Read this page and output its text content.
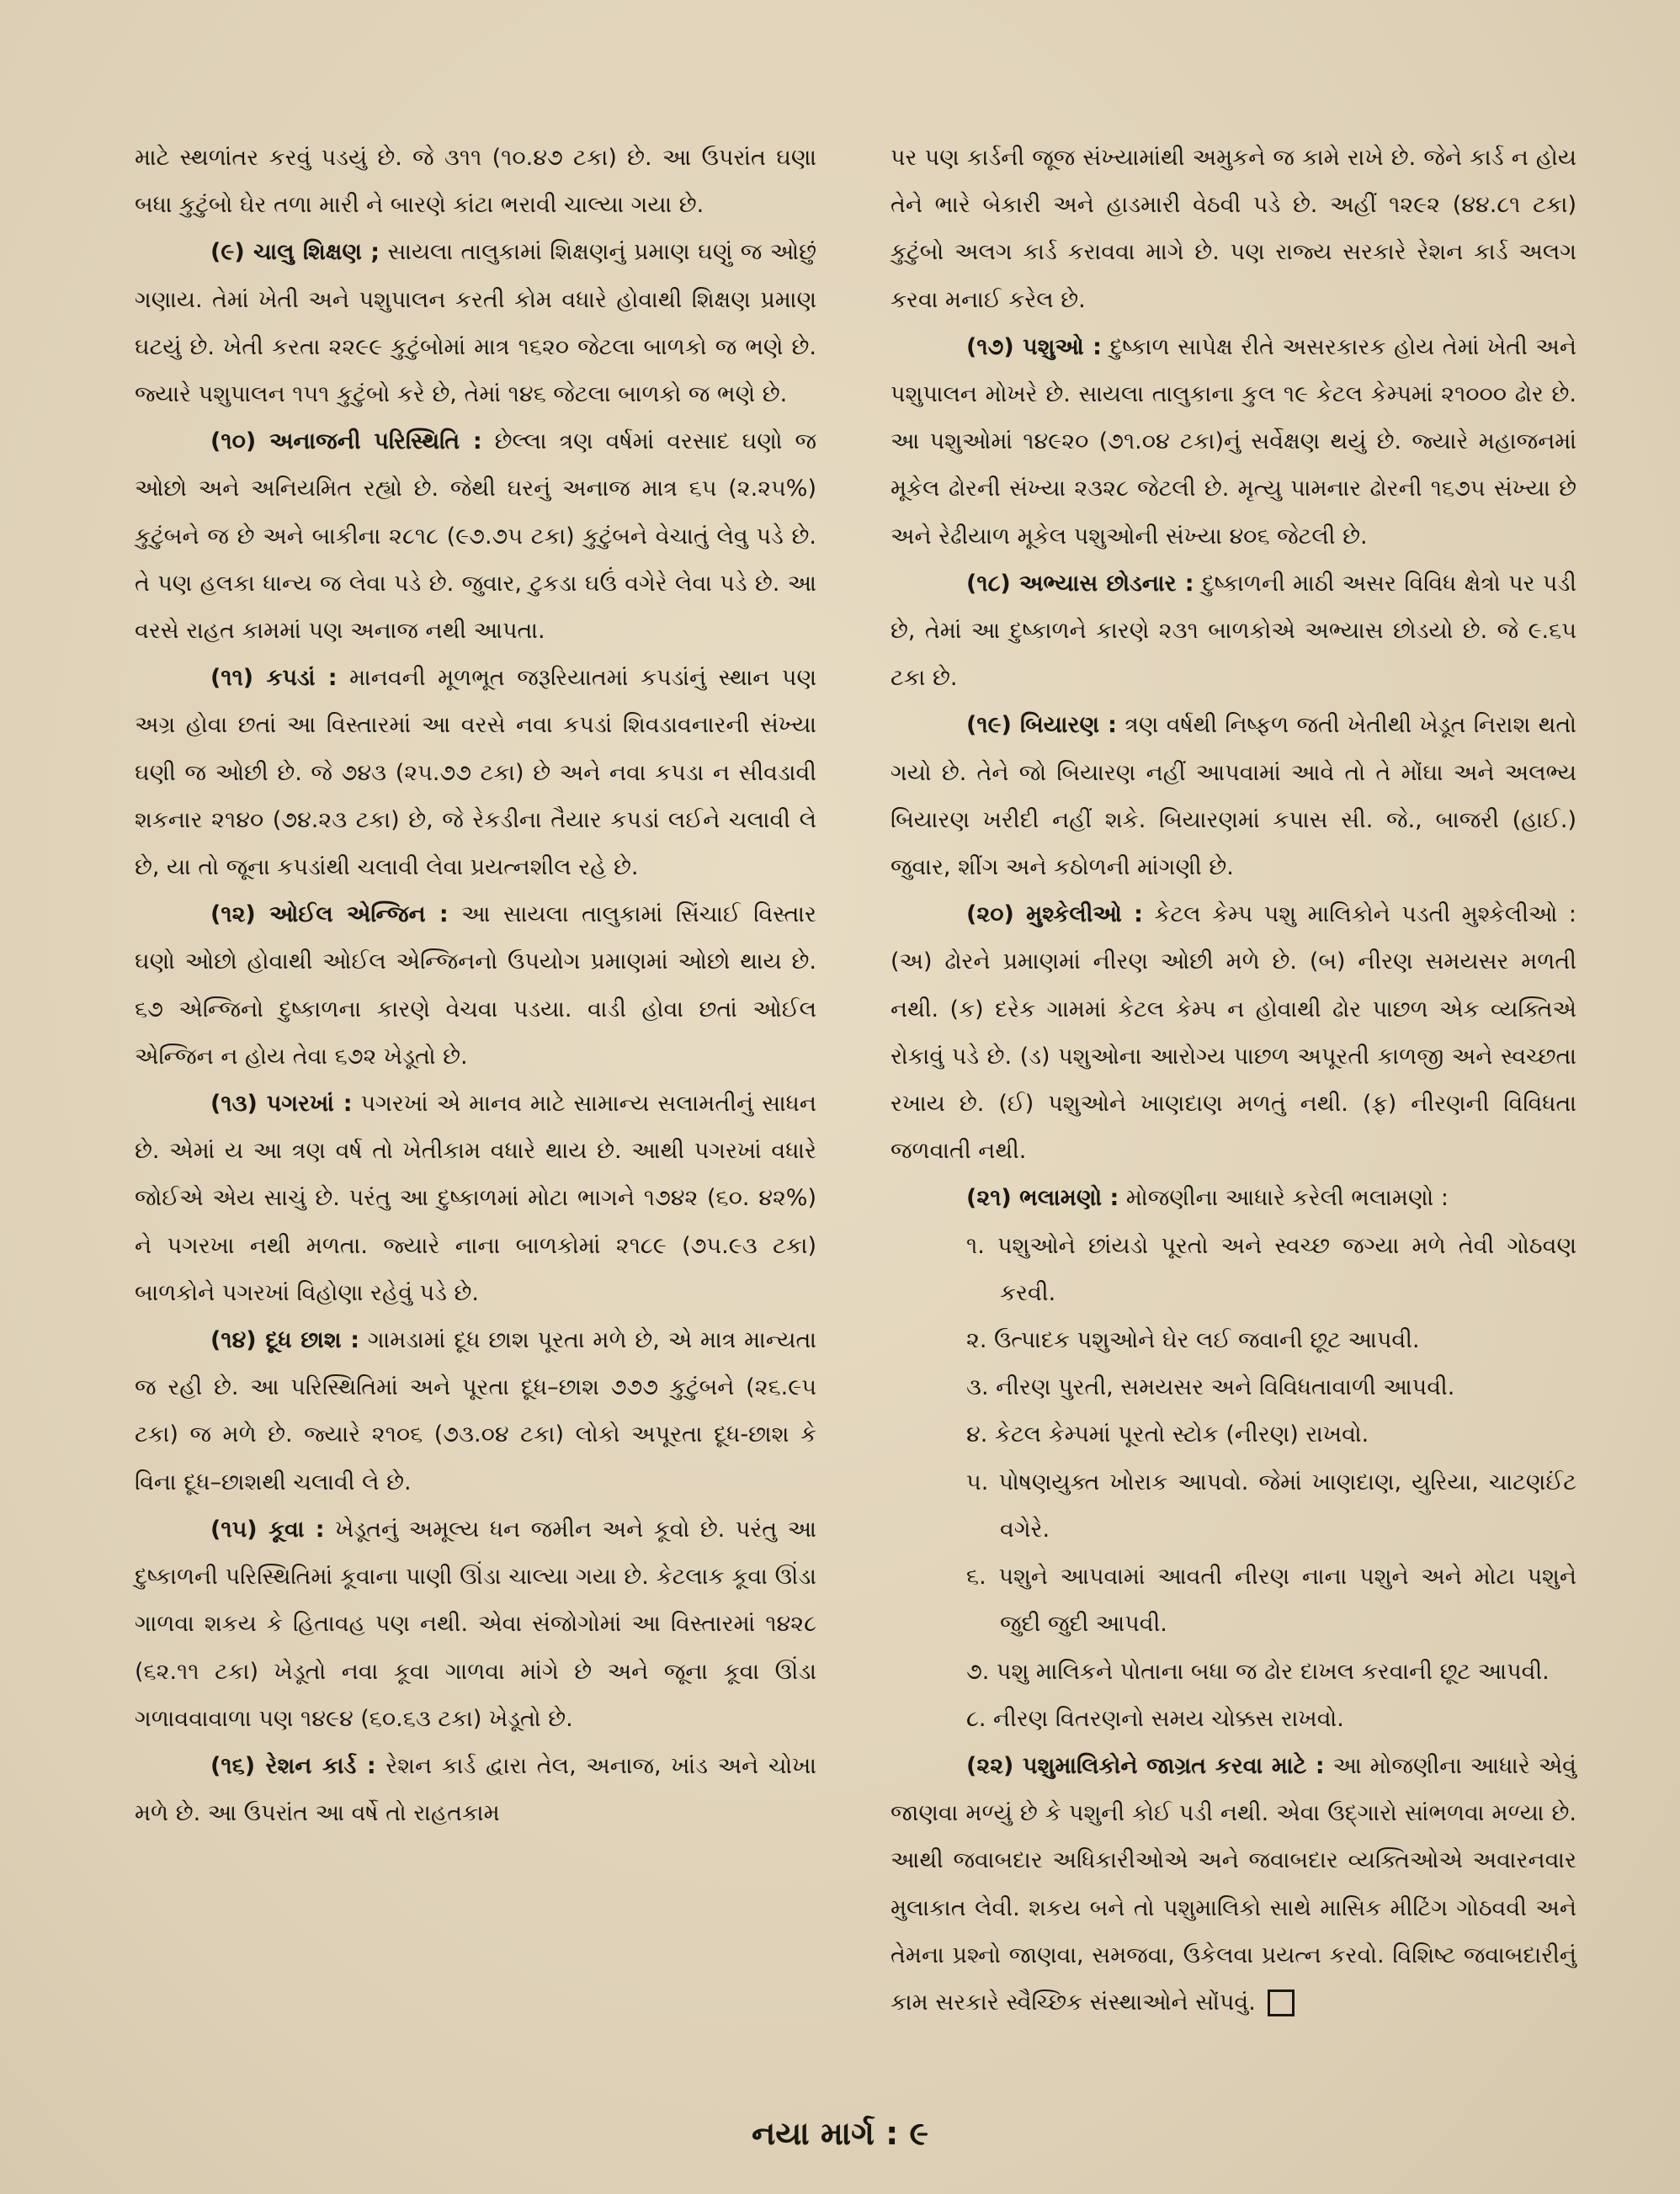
માટે સ્થળાંતર કરવું પડયું છે. જે ૩૧૧ (૧૦.૪૭ ટકા) છે. આ ઉપરાંત ઘણા બધા કુટુંબો ઘેર તળા મારી ને બારણે કાંટા ભરાવી ચાલ્યા ગયા છે.

(૯) ચાલુ શિક્ષણ ; સાયલા તાલુકામાં શિક્ષણનું પ્રમાણ ઘણું જ ઓછું ગણાય. તેમાં ખેતી અને પશુપાલન કરતી કોમ વધારે હોવાથી શિક્ષણ પ્રમાણ ઘટયું છે. ખેતી કરતા ૨૨૯૯ કુટુંબોમાં માત્ર ૧૬૨૦ જેટલા બાળકો જ ભણે છે. જ્યારે પશુપાલન ૧૫૧ કુટુંબો કરે છે, તેમાં ૧૪૬ જેટલા બાળકો જ ભણે છે.

(૧૦) અનાજની પરિસ્થિતિ : છેલ્લા ત્રણ વર્ષમાં વરસાદ ઘણો જ ઓછો અને અનિયમિત રહ્યો છે. જેથી ઘરનું અનાજ માત્ર ૬૫ (૨.૨૫%) કુટુંબને જ છે અને બાકીના ૨૮૧૮ (૯૭.૭૫ ટકા) કુટુંબને વેચાતું લેવુ પડે છે. તે પણ હલકા ધાન્ય જ લેવા પડે છે. જુવાર, ટુકડા ઘઉં વગેરે લેવા પડે છે. આ વરસે રાહત કામમાં પણ અનાજ નથી આપતા.

(૧૧) કપડાં : માનવની મૂળભૂત જરૂરિયાતમાં કપડાંનું સ્થાન પણ અગ્ર હોવા છતાં આ વિસ્તારમાં આ વરસે નવા કપડાં શિવડાવનારની સંખ્યા ઘણી જ ઓછી છે. જે ૭૪૩ (૨૫.૭૭ ટકા) છે અને નવા કપડા ન સીવડાવી શકનાર ૨૧૪૦ (૭૪.૨૩ ટકા) છે, જે રેકડીના તૈયાર કપડાં લઈને ચલાવી લે છે, યા તો જૂના કપડાંથી ચલાવી લેવા પ્રયત્નશીલ રહે છે.

(૧૨) ઓઈલ એન્જિન : આ સાયલા તાલુકામાં સિંચાઈ વિસ્તાર ઘણો ઓછો હોવાથી ઓઈલ એન્જિનનો ઉપયોગ પ્રમાણમાં ઓછો થાય છે. ૬૭ એન્જિનો દુષ્કાળના કારણે વેચવા પડયા. વાડી હોવા છતાં ઓઈલ એન્જિન ન હોય તેવા ૬૭૨ ખેડૂતો છે.

(૧૩) પગરખાં : પગરખાં એ માનવ માટે સામાન્ય સલામતીનું સાધન છે. એમાં ય આ ત્રણ વર્ષ તો ખેતીકામ વધારે થાય છે. આથી પગરખાં વધારે જોઈએ એય સાચું છે. પરંતુ આ દુષ્કાળમાં મોટા ભાગને ૧૭૪૨ (૬૦. ૪૨%) ને પગરખા નથી મળતા. જ્યારે નાના બાળકોમાં ૨૧૮૯ (૭૫.૯૩ ટકા) બાળકોને પગરખાં વિહોણા રહેવું પડે છે.

(૧૪) દૂધ છાશ : ગામડામાં દૂધ છાશ પૂરતા મળે છે, એ માત્ર માન્યતા જ રહી છે. આ પરિસ્થિતિમાં અને પૂરતા દૂધ–છાશ ૭૭૭ કુટુંબને (૨૬.૯૫ ટકા) જ મળે છે. જ્યારે ૨૧૦૬ (૭૩.૦૪ ટકા) લોકો અપૂરતા દૂધ-છાશ કે વિના દૂધ–છાશથી ચલાવી લે છે.

(૧૫) કૂવા : ખેડૂતનું અમૂલ્ય ધન જમીન અને કૂવો છે. પરંતુ આ દુષ્કાળની પરિસ્થિતિમાં કૂવાના પાણી ઊંડા ચાલ્યા ગયા છે. કેટલાક કૂવા ઊંડા ગાળવા શકય કે હિતાવહ પણ નથી. એવા સંજોગોમાં આ વિસ્તારમાં ૧૪૨૮ (૬૨.૧૧ ટકા) ખેડૂતો નવા કૂવા ગાળવા માંગે છે અને જૂના કૂવા ઊંડા ગળાવવાવાળા પણ ૧૪૯૪ (૬૦.૬૩ ટકા) ખેડૂતો છે.

(૧૬) રેશન કાર્ડ : રેશન કાર્ડ દ્વારા તેલ, અનાજ, ખાંડ અને ચોખા મળે છે. આ ઉપરાંત આ વર્ષે તો રાહતકામ

પર પણ કાર્ડની જૂજ સંખ્યામાંથી અમુકને જ કામે રાખે છે. જેને કાર્ડ ન હોય તેને ભારે બેકારી અને હાડમારી વેઠવી પડે છે. અહીં ૧૨૯૨ (૪૪.૮૧ ટકા) કુટુંબો અલગ કાર્ડ કરાવવા માગે છે. પણ રાજ્ય સરકારે રેશન કાર્ડ અલગ કરવા મનાઈ કરેલ છે.

(૧૭) પશુઓ : દુષ્કાળ સાપેક્ષ રીતે અસરકારક હોય તેમાં ખેતી અને પશુપાલન મોખરે છે. સાયલા તાલુકાના કુલ ૧૯ કેટલ કેમ્પમાં ૨૧૦૦૦ ઢોર છે. આ પશુઓમાં ૧૪૯૨૦ (૭૧.૦૪ ટકા)નું સર્વેક્ષણ થયું છે. જ્યારે મહાજનમાં મૂકેલ ઢોરની સંખ્યા ૨૩૨૮ જેટલી છે. મૃત્યુ પામનાર ઢોરની ૧૬૭૫ સંખ્યા છે અને રેઢીયાળ મૂકેલ પશુઓની સંખ્યા ૪૦૬ જેટલી છે.

(૧૮) અભ્યાસ છોડનાર : દુષ્કાળની માઠી અસર વિવિધ ક્ષેત્રો પર પડી છે, તેમાં આ દુષ્કાળને કારણે ૨૩૧ બાળકોએ અભ્યાસ છોડયો છે. જે ૯.૬૫ ટકા છે.

(૧૯) બિયારણ : ત્રણ વર્ષથી નિષ્ફળ જતી ખેતીથી ખેડૂત નિરાશ થતો ગયો છે. તેને જો બિયારણ નહીં આપવામાં આવે તો તે મોંઘા અને અલભ્ય બિયારણ ખરીદી નહીં શકે. બિયારણમાં કપાસ સી. જે., બાજરી (હાઈ.) જુવાર, શીંગ અને કઠોળની માંગણી છે.

(૨૦) મુશ્કેલીઓ : કેટલ કેમ્પ પશુ માલિકોને પડતી મુશ્કેલીઓ : (અ) ઢોરને પ્રમાણમાં નીરણ ઓછી મળે છે. (બ) નીરણ સમયસર મળતી નથી. (ક) દરેક ગામમાં કેટલ કેમ્પ ન હોવાથી ઢોર પાછળ એક વ્યક્તિએ રોકાવું પડે છે. (ડ) પશુઓના આરોગ્ય પાછળ અપૂરતી કાળજી અને સ્વચ્છતા રખાય છે. (ઈ) પશુઓને ખાણદાણ મળતું નથી. (ફ) નીરણની વિવિધતા જળવાતી નથી.

(૨૧) ભલામણો : મોજણીના આધારે કરેલી ભલામણો :

૧. પશુઓને છાંયડો પૂરતો અને સ્વચ્છ જગ્યા મળે તેવી ગોઠવણ કરવી.

૨. ઉત્પાદક પશુઓને ઘેર લઈ જવાની છૂટ આપવી.

૩. નીરણ પુરતી, સમયસર અને વિવિધતાવાળી આપવી.

૪. કેટલ કેમ્પમાં પૂરતો સ્ટોક (નીરણ) રાખવો.

૫. પોષણયુક્ત ખોરાક આપવો. જેમાં ખાણદાણ, યુરિયા, ચાટણઈંટ વગેરે.

૬. પશુને આપવામાં આવતી નીરણ નાના પશુને અને મોટા પશુને જુદી જુદી આપવી.

૭. પશુ માલિકને પોતાના બધા જ ઢોર દાખલ કરવાની છૂટ આપવી.

૮. નીરણ વિતરણનો સમય ચોક્કસ રાખવો.

(૨૨) પશુમાલિકોને જાગ્રત કરવા માટે : આ મોજણીના આધારે એવું જાણવા મળ્યું છે કે પશુની કોઈ પડી નથી. એવા ઉદ્ગારો સાંભળવા મળ્યા છે. આથી જવાબદાર અધિકારીઓએ અને જવાબદાર વ્યક્તિઓએ અવારનવાર મુલાકાત લેવી. શકય બને તો પશુમાલિકો સાથે માસિક મીટિંગ ગોઠવવી અને તેમના પ્રશ્નો જાણવા, સમજવા, ઉકેલવા પ્રયત્ન કરવો. વિશિષ્ટ જવાબદારીનું કામ સરકારે સ્વૈચ્છિક સંસ્થાઓને સોંપવું.

નયા માર્ગ : ૯
